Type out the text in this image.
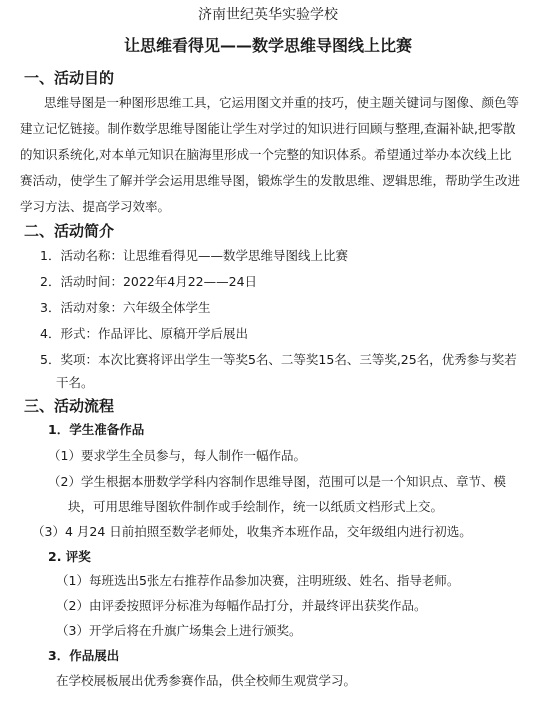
济南世纪英华实验学校
让思维看得见——数学思维导图线上比赛
一、活动目的
思维导图是一种图形思维工具，它运用图文并重的技巧，使主题关键词与图像、颜色等
建立记忆链接。制作数学思维导图能让学生对学过的知识进行回顾与整理,查漏补缺,把零散
的知识系统化,对本单元知识在脑海里形成一个完整的知识体系。希望通过举办本次线上比
赛活动，使学生了解并学会运用思维导图，锻炼学生的发散思维、逻辑思维，帮助学生改进
学习方法、提高学习效率。
二、活动简介
1．活动名称：让思维看得见——数学思维导图线上比赛
2．活动时间：2022年4月22——24日
3．活动对象：六年级全体学生
4．形式：作品评比、原稿开学后展出
5．奖项：本次比赛将评出学生一等奖5名、二等奖15名、三等奖,25名，优秀参与奖若
干名。
三、活动流程
1．学生准备作品
（1）要求学生全员参与，每人制作一幅作品。
（2）学生根据本册数学学科内容制作思维导图，范围可以是一个知识点、章节、模
块，可用思维导图软件制作或手绘制作，统一以纸质文档形式上交。
（3）4 月24 日前拍照至数学老师处，收集齐本班作品，交年级组内进行初选。
2. 评奖
（1）每班选出5张左右推荐作品参加决赛，注明班级、姓名、指导老师。
（2）由评委按照评分标准为每幅作品打分，并最终评出获奖作品。
（3）开学后将在升旗广场集会上进行颁奖。
3．作品展出
在学校展板展出优秀参赛作品，供全校师生观赏学习。
